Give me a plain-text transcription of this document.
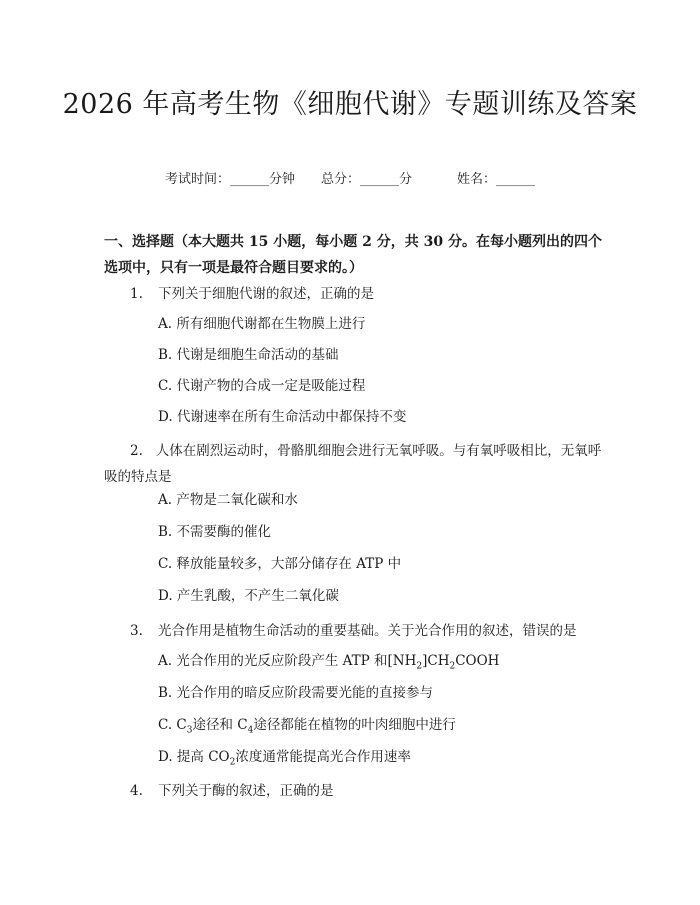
2026 年高考生物《细胞代谢》专题训练及答案
考试时间：______分钟 总分：______分	姓名：______
一、选择题（本大题共 15 小题，每小题 2 分，共 30 分。在每小题列出的四个选项中，只有一项是最符合题目要求的。）
1. 下列关于细胞代谢的叙述，正确的是
A. 所有细胞代谢都在生物膜上进行
B. 代谢是细胞生命活动的基础
C. 代谢产物的合成一定是吸能过程
D. 代谢速率在所有生命活动中都保持不变
2. 人体在剧烈运动时，骨骼肌细胞会进行无氧呼吸。与有氧呼吸相比，无氧呼吸的特点是
A. 产物是二氧化碳和水
B. 不需要酶的催化
C. 释放能量较多，大部分储存在 ATP 中
D. 产生乳酸，不产生二氧化碳
3. 光合作用是植物生命活动的重要基础。关于光合作用的叙述，错误的是
A. 光合作用的光反应阶段产生 ATP 和$[NH_2]CH_2COOH$
B. 光合作用的暗反应阶段需要光能的直接参与
C. $C_3$途径和 $C_4$途径都能在植物的叶肉细胞中进行
D. 提高 $CO_2$浓度通常能提高光合作用速率
4. 下列关于酶的叙述，正确的是
